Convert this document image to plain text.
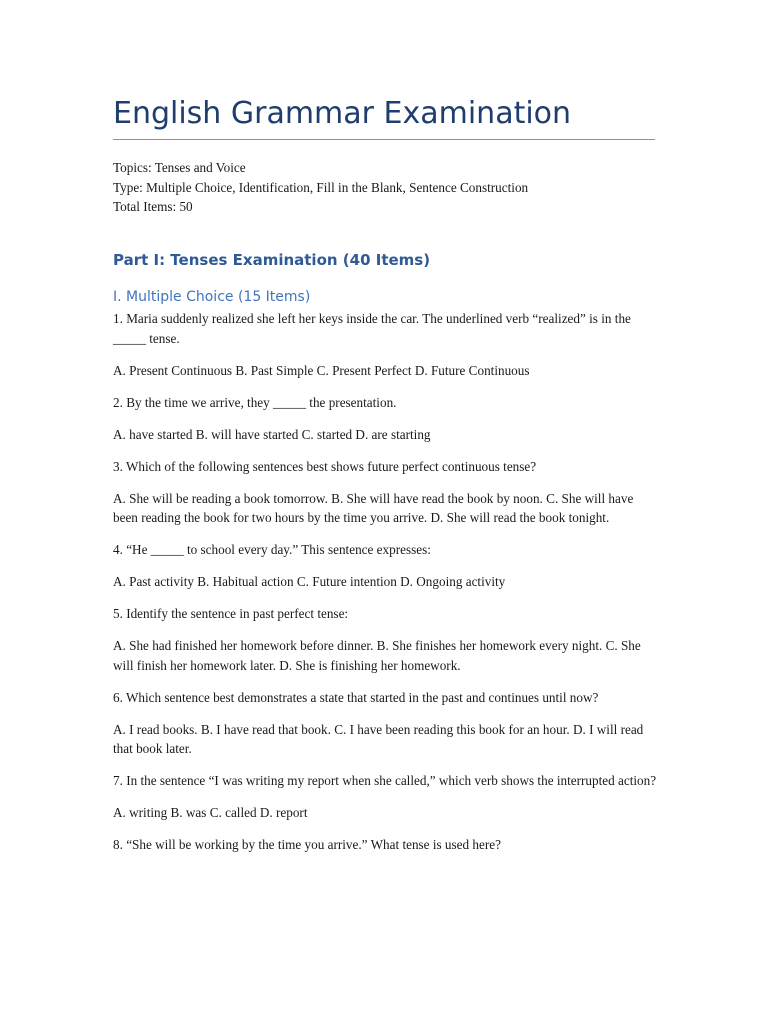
English Grammar Examination
Topics: Tenses and Voice
Type: Multiple Choice, Identification, Fill in the Blank, Sentence Construction
Total Items: 50
Part I: Tenses Examination (40 Items)
I. Multiple Choice (15 Items)

1. Maria suddenly realized she left her keys inside the car. The underlined verb “realized” is in the _____ tense.

A. Present Continuous B. Past Simple C. Present Perfect D. Future Continuous

2. By the time we arrive, they _____ the presentation.

A. have started B. will have started C. started D. are starting

3. Which of the following sentences best shows future perfect continuous tense?

A. She will be reading a book tomorrow. B. She will have read the book by noon. C. She will have been reading the book for two hours by the time you arrive. D. She will read the book tonight.

4. “He _____ to school every day.” This sentence expresses:

A. Past activity B. Habitual action C. Future intention D. Ongoing activity

5. Identify the sentence in past perfect tense:

A. She had finished her homework before dinner. B. She finishes her homework every night. C. She will finish her homework later. D. She is finishing her homework.

6. Which sentence best demonstrates a state that started in the past and continues until now?

A. I read books. B. I have read that book. C. I have been reading this book for an hour. D. I will read that book later.

7. In the sentence “I was writing my report when she called,” which verb shows the interrupted action?

A. writing B. was C. called D. report

8. “She will be working by the time you arrive.” What tense is used here?
